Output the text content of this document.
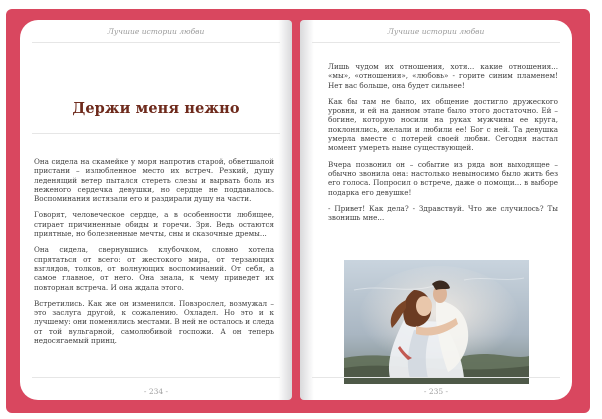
Лучшие истории любви
Держи меня нежно

Она сидела на скамейке у моря напротив старой, обветшалой пристани – излюбленное место их встреч. Резкий, душу леденящий ветер пытался стереть слезы и вырвать боль из неженого сердечка девушки, но сердце не поддавалось. Воспоминания истязали его и раздирали душу на части.

Говорят, человеческое сердце, а в особенности любящее, стирает причиненные обиды и горечи. Зря. Ведь остаются приятные, но болезненные мечты, сны и сказочные дремы...

Она сидела, свернувшись клубочком, словно хотела спрятаться от всего: от жестокого мира, от терзающих взглядов, толков, от волнующих воспоминаний. От себя, а самое главное, от него. Она знала, к чему приведет их повторная встреча. И она ждала этого.

Встретились. Как же он изменился. Повзрослел, возмужал – это заслуга другой, к сожалению. Охладел. Но это и к лучшему: они поменялись местами. В ней не осталось и следа от той вульгарной, самолюбивой госпожи. А он теперь недосягаемый принц.

- 234 -
Лучшие истории любви

Лишь чудом их отношения, хотя... какие отношения... «мы», «отношения», «любовь» - горите синим пламенем! Нет вас больше, она будет сильнее!

Как бы там не было, их общение достигло дружеского уровня, и ей на данном этапе было этого достаточно. Ей – богине, которую носили на руках мужчины ее круга, поклонялись, желали и любили ее! Бог с ней. Та девушка умерла вместе с потерей своей любви. Сегодня настал момент умереть ныне существующей.

Вчера позвонил он – событие из ряда вон выходящее – обычно звонила она: настолько невыносимо было жить без его голоса. Попросил о встрече, даже о помощи... в выборе подарка его девушке!

- Привет! Как дела? - Здравствуй. Что же случилось? Ты звонишь мне...

- 235 -
